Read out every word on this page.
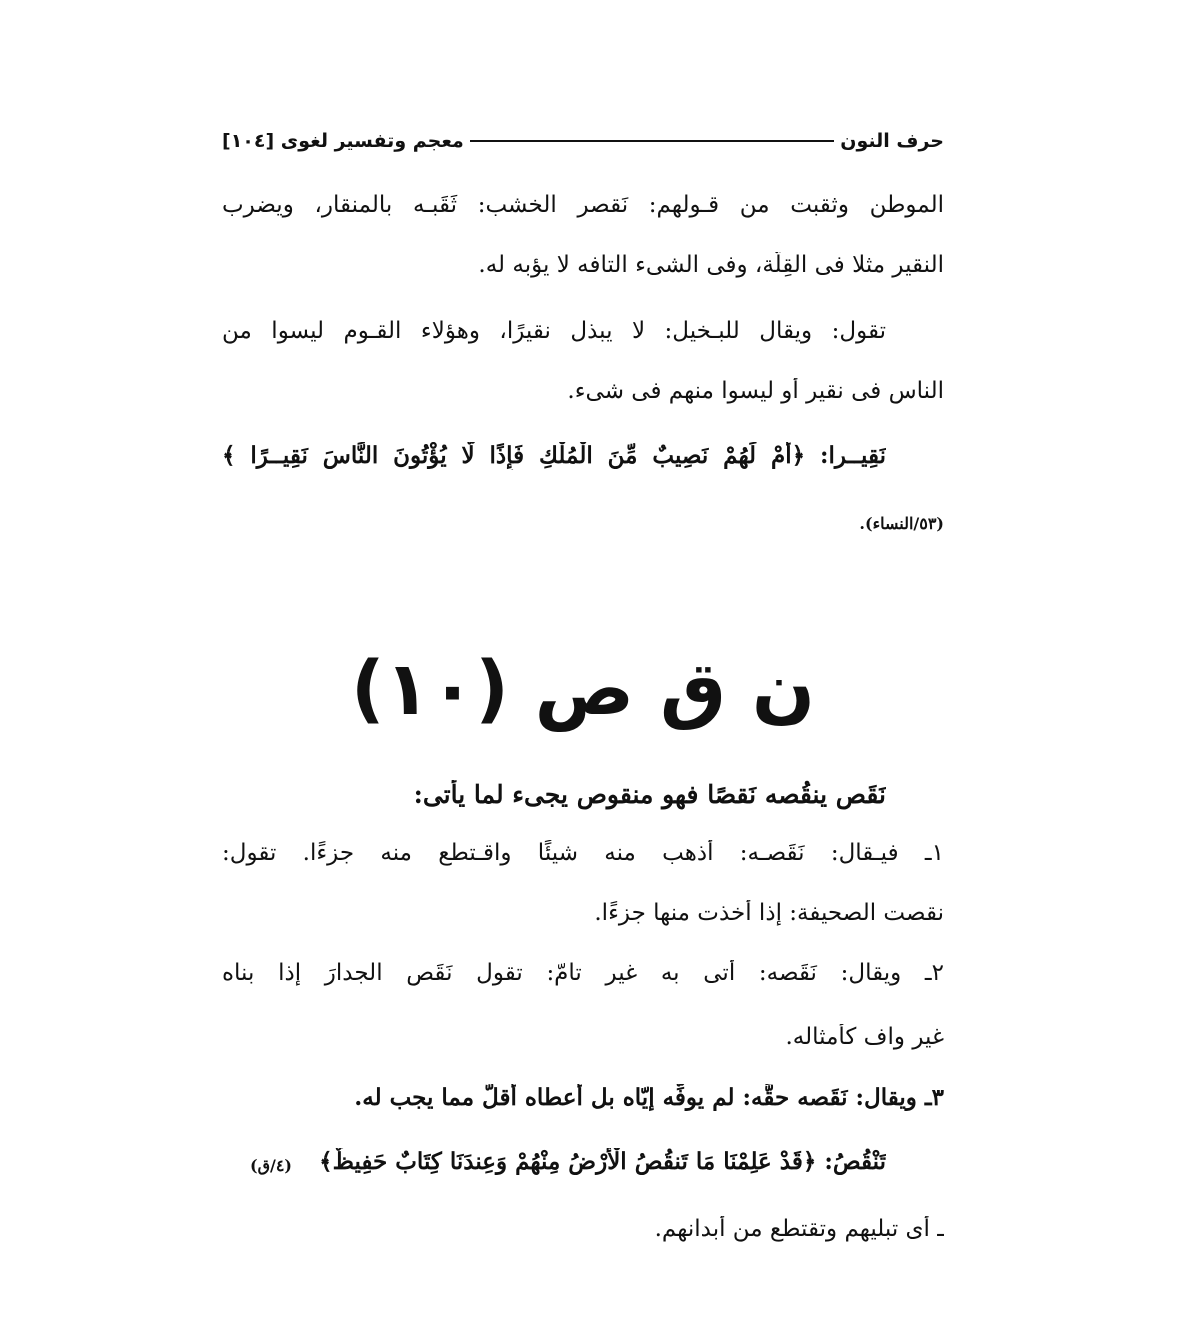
حرف النون
معجم وتفسير لغوى [١٠٤]
الموطن وثقبت من قـولهم: نَقصر الخشب: ثَقَبـه بالمنقار، ويضرب
النقير مثلا فى القِلَّة، وفى الشىء التافه لا يؤبه له.
تقول: ويقال للبـخيل: لا يبذل نقيرًا، وهؤلاء القـوم ليسوا من
الناس فى نقير أو ليسوا منهم فى شىء.
نَقِيــرا: ﴿أَمْ لَهُمْ نَصِيبٌ مِّنَ الْمُلْكِ فَإِذًا لَّا يُؤْتُونَ النَّاسَ نَقِيــرًا ﴾
(٥٣/النساء).
ن ق ص (١٠)
نَقَص ينقُصه نَقصًا فهو منقوص يجىء لما يأتى:
١ـ فيـقال: نَقَصـه: أذهب منه شيئًا واقـتطع منه جزءًا. تقول:
نقصت الصحيفة: إذا أخذت منها جزءًا.
٢ـ ويقال: نَقَصه: أتى به غير تامّ: تقول نَقَص الجدارَ إذا بناه
غير واف كأمثاله.
٣ـ ويقال: نَقَصه حقَّه: لم يوفِّه إيّاه بل أعطاه أقلَّ مما يجب له.
تَنْقُصُ: ﴿قَدْ عَلِمْنَا مَا تَنقُصُ الْأَرْضُ مِنْهُمْ وَعِندَنَا كِتَابٌ حَفِيظٌ﴾
(٤/ق)
ـ أى تبليهم وتقتطع من أبدانهم.
